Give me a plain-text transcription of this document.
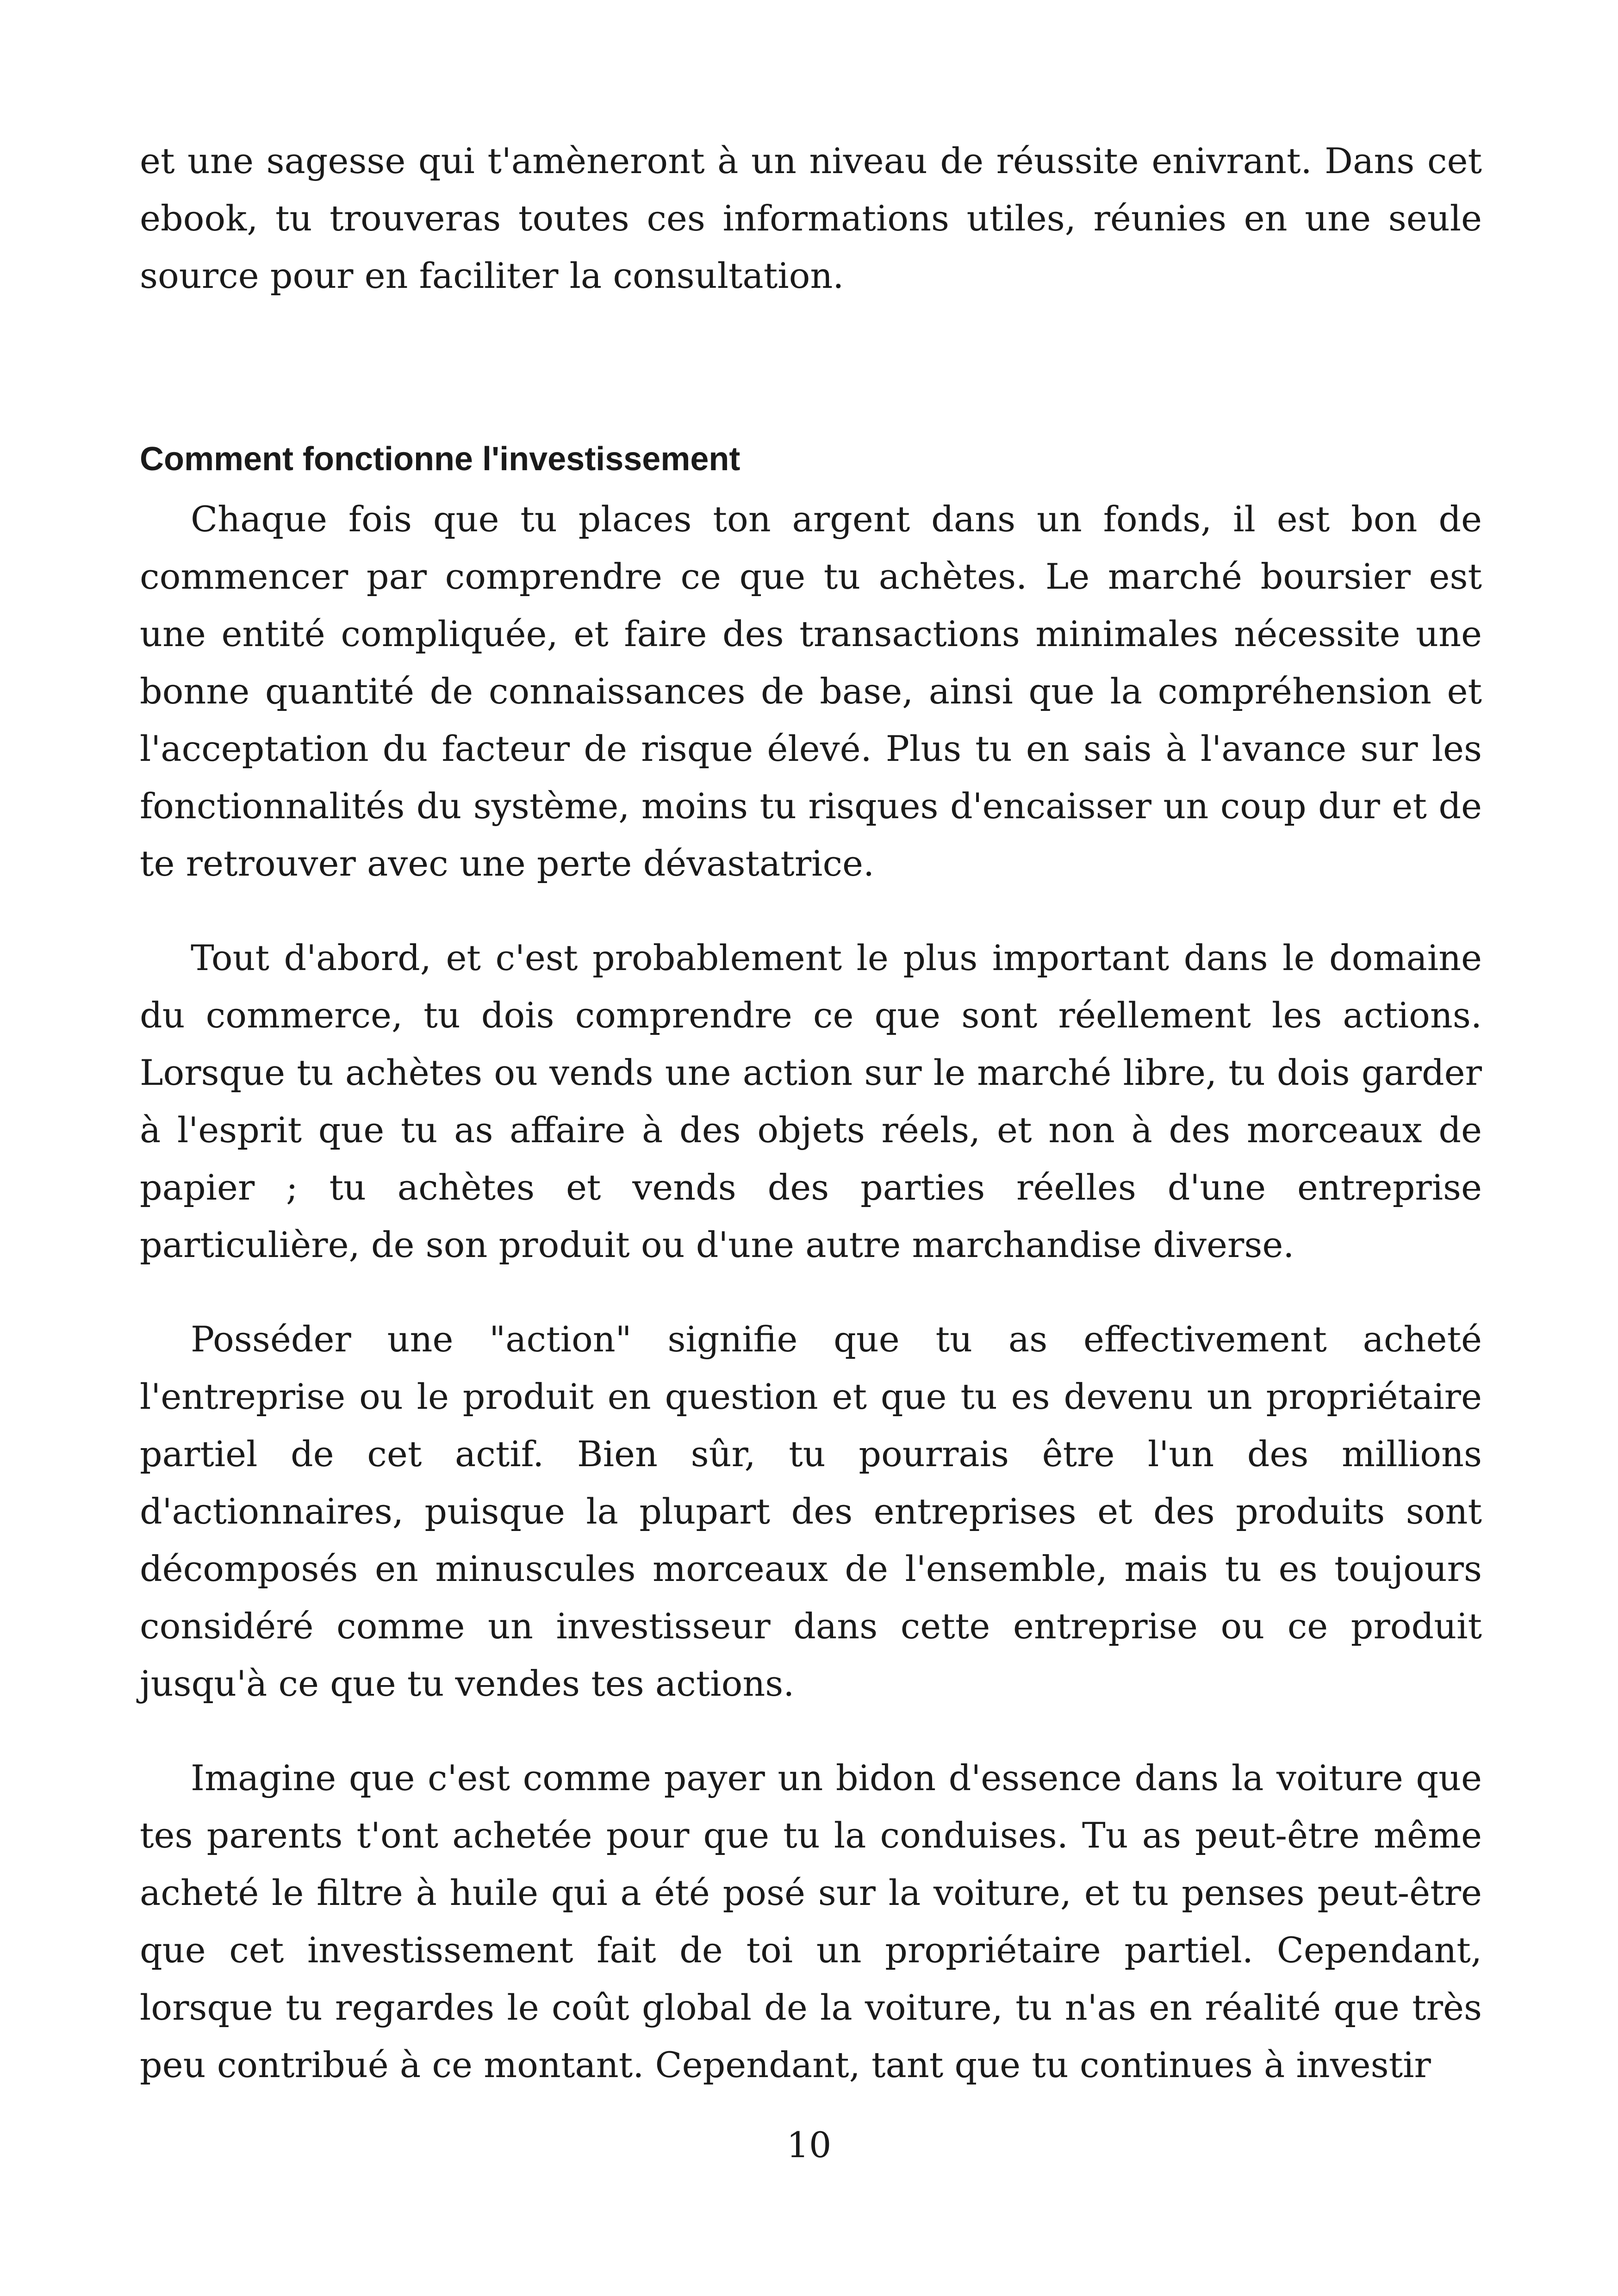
et une sagesse qui t'amèneront à un niveau de réussite enivrant. Dans cet ebook, tu trouveras toutes ces informations utiles, réunies en une seule source pour en faciliter la consultation.

Comment fonctionne l'investissement

Chaque fois que tu places ton argent dans un fonds, il est bon de commencer par comprendre ce que tu achètes. Le marché boursier est une entité compliquée, et faire des transactions minimales nécessite une bonne quantité de connaissances de base, ainsi que la compréhension et l'acceptation du facteur de risque élevé. Plus tu en sais à l'avance sur les fonctionnalités du système, moins tu risques d'encaisser un coup dur et de te retrouver avec une perte dévastatrice.

Tout d'abord, et c'est probablement le plus important dans le domaine du commerce, tu dois comprendre ce que sont réellement les actions. Lorsque tu achètes ou vends une action sur le marché libre, tu dois garder à l'esprit que tu as affaire à des objets réels, et non à des morceaux de papier ; tu achètes et vends des parties réelles d'une entreprise particulière, de son produit ou d'une autre marchandise diverse.

Posséder une "action" signifie que tu as effectivement acheté l'entreprise ou le produit en question et que tu es devenu un propriétaire partiel de cet actif. Bien sûr, tu pourrais être l'un des millions d'actionnaires, puisque la plupart des entreprises et des produits sont décomposés en minuscules morceaux de l'ensemble, mais tu es toujours considéré comme un investisseur dans cette entreprise ou ce produit jusqu'à ce que tu vendes tes actions.

Imagine que c'est comme payer un bidon d'essence dans la voiture que tes parents t'ont achetée pour que tu la conduises. Tu as peut-être même acheté le filtre à huile qui a été posé sur la voiture, et tu penses peut-être que cet investissement fait de toi un propriétaire partiel. Cependant, lorsque tu regardes le coût global de la voiture, tu n'as en réalité que très peu contribué à ce montant. Cependant, tant que tu continues à investir

10
